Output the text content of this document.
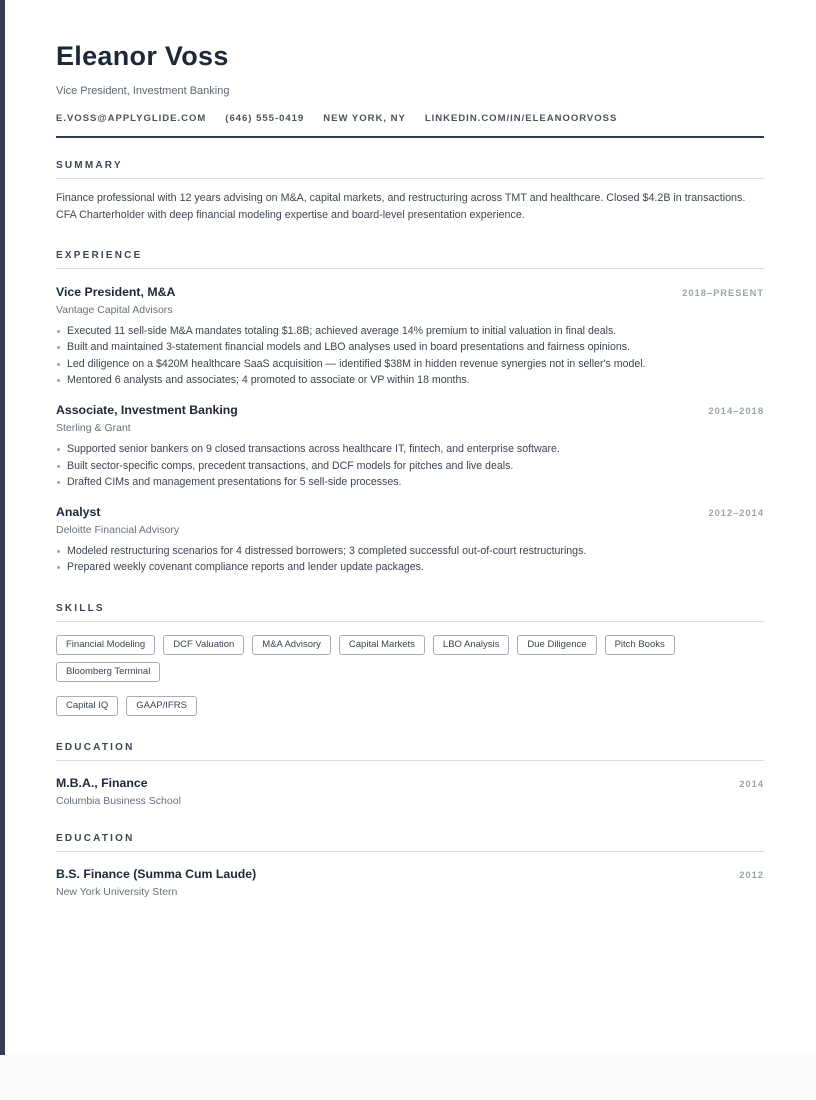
Eleanor Voss
Vice President, Investment Banking
E.VOSS@APPLYGLIDE.COM (646) 555-0419 NEW YORK, NY LINKEDIN.COM/IN/ELEANOORVOSS
SUMMARY
Finance professional with 12 years advising on M&A, capital markets, and restructuring across TMT and healthcare. Closed $4.2B in transactions. CFA Charterholder with deep financial modeling expertise and board-level presentation experience.
EXPERIENCE
Vice President, M&A	2018–PRESENT
Vantage Capital Advisors
Executed 11 sell-side M&A mandates totaling $1.8B; achieved average 14% premium to initial valuation in final deals.
Built and maintained 3-statement financial models and LBO analyses used in board presentations and fairness opinions.
Led diligence on a $420M healthcare SaaS acquisition — identified $38M in hidden revenue synergies not in seller's model.
Mentored 6 analysts and associates; 4 promoted to associate or VP within 18 months.
Associate, Investment Banking	2014–2018
Sterling & Grant
Supported senior bankers on 9 closed transactions across healthcare IT, fintech, and enterprise software.
Built sector-specific comps, precedent transactions, and DCF models for pitches and live deals.
Drafted CIMs and management presentations for 5 sell-side processes.
Analyst	2012–2014
Deloitte Financial Advisory
Modeled restructuring scenarios for 4 distressed borrowers; 3 completed successful out-of-court restructurings.
Prepared weekly covenant compliance reports and lender update packages.
SKILLS
Financial Modeling	DCF Valuation	M&A Advisory	Capital Markets	LBO Analysis	Due Diligence	Pitch Books
Bloomberg Terminal
Capital IQ	GAAP/IFRS
EDUCATION
M.B.A., Finance	2014
Columbia Business School
EDUCATION
B.S. Finance (Summa Cum Laude)	2012
New York University Stern
